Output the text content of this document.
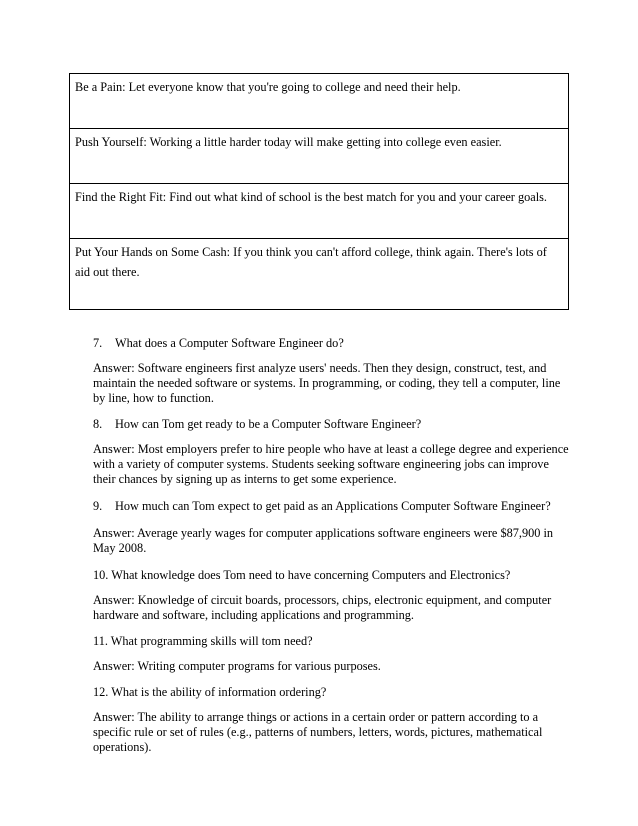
Be a Pain: Let everyone know that you're going to college and need their help.
Push Yourself: Working a little harder today will make getting into college even easier.
Find the Right Fit: Find out what kind of school is the best match for you and your career goals.
Put Your Hands on Some Cash: If you think you can't afford college, think again. There's lots of aid out there.

7. What does a Computer Software Engineer do?

Answer: Software engineers first analyze users' needs. Then they design, construct, test, and maintain the needed software or systems. In programming, or coding, they tell a computer, line by line, how to function.

8. How can Tom get ready to be a Computer Software Engineer?

Answer: Most employers prefer to hire people who have at least a college degree and experience with a variety of computer systems. Students seeking software engineering jobs can improve their chances by signing up as interns to get some experience.

9. How much can Tom expect to get paid as an Applications Computer Software Engineer?

Answer: Average yearly wages for computer applications software engineers were $87,900 in May 2008.

10. What knowledge does Tom need to have concerning Computers and Electronics?

Answer: Knowledge of circuit boards, processors, chips, electronic equipment, and computer hardware and software, including applications and programming.

11. What programming skills will tom need?

Answer: Writing computer programs for various purposes.

12. What is the ability of information ordering?

Answer: The ability to arrange things or actions in a certain order or pattern according to a specific rule or set of rules (e.g., patterns of numbers, letters, words, pictures, mathematical operations).
